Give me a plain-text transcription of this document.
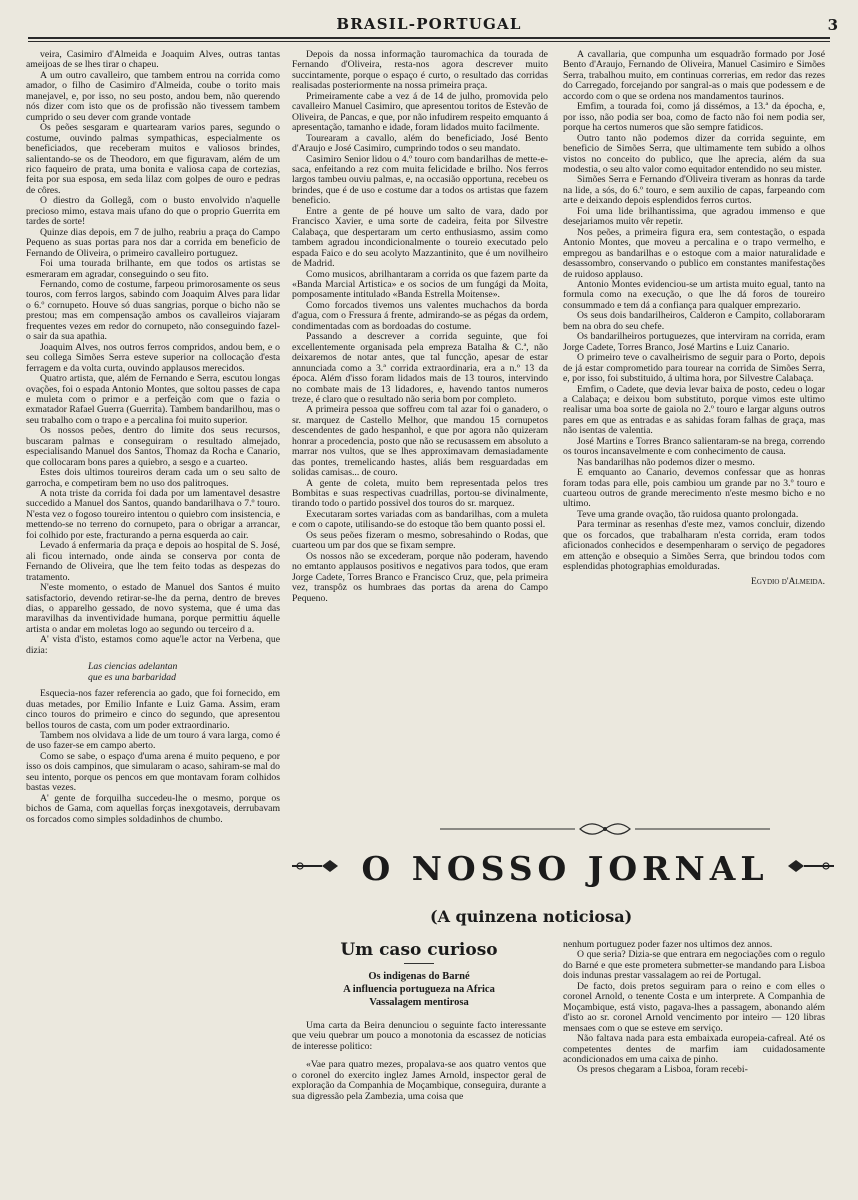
BRASIL-PORTUGAL	3

veira, Casimiro d'Almeida e Joaquim Alves, outras tantas ameijoas de se lhes tirar o chapeu.

A um outro cavalleiro, que tambem entrou na corrida como amador, o filho de Casimiro d'Almeida, coube o torito mais manejavel, e, por isso, no seu posto, andou bem, não querendo nós dizer com isto que os de profissão não tivessem tambem cumprido o seu dever com grande vontade

Os peões sesgaram e quartearam varios pares, segundo o costume, ouvindo palmas sympathicas, especialmente os beneficiados, que receberam muitos e valiosos brindes, salientando-se os de Theodoro, em que figuravam, além de um rico faqueiro de prata, uma bonita e valiosa capa de cortezias, feita por sua esposa, em seda lilaz com golpes de ouro e pedras de côres.

O diestro da Gollegã, com o busto envolvido n'aquelle precioso mimo, estava mais ufano do que o proprio Guerrita em tardes de sorte!

Quinze dias depois, em 7 de julho, reabriu a praça do Campo Pequeno as suas portas para nos dar a corrida em beneficio de Fernando de Oliveira, o primeiro cavalleiro portuguez.

Foi uma tourada brilhante, em que todos os artistas se esmeraram em agradar, conseguindo o seu fito.

Fernando, como de costume, farpeou primorosamente os seus touros, com ferros largos, sabindo com Joaquim Alves para lidar o 6.º cornupeto. Houve só duas sangrias, porque o bicho não se prestou; mas em compensação ambos os cavalleiros viajaram frequentes vezes em redor do cornupeto, não conseguindo fazel-o sair da sua apathia.

Joaquim Alves, nos outros ferros compridos, andou bem, e o seu collega Simões Serra esteve superior na collocação d'esta ferragem e da volta curta, ouvindo applausos merecidos.

Quatro artista, que, além de Fernando e Serra, escutou longas ovações, foi o espada Antonio Montes, que soltou passes de capa e muleta com o primor e a perfeição com que o fazia o exmatador Rafael Guerra (Guerrita). Tambem bandarilhou, mas o seu trabalho com o trapo e a percalina foi muito superior.

Os nossos peões, dentro do limite dos seus recursos, buscaram palmas e conseguiram o resultado almejado, especialisando Manuel dos Santos, Thomaz da Rocha e Canario, que collocaram bons pares a quiebro, a sesgo e a cuarteo.

Estes dois ultimos toureiros deram cada um o seu salto de garrocha, e competiram bem no uso dos palitroques.

A nota triste da corrida foi dada por um lamentavel desastre succedido a Manuel dos Santos, quando bandarilhava o 7.º touro. N'esta vez o fogoso toureiro intentou o quiebro com insistencia, e mettendo-se no terreno do cornupeto, para o obrigar a arrancar, foi colhido por este, fracturando a perna esquerda ao cair.

Levado á enfermaria da praça e depois ao hospital de S. José, ali ficou internado, onde ainda se conserva por conta de Fernando de Oliveira, que lhe tem feito todas as despezas do tratamento.

N'este momento, o estado de Manuel dos Santos é muito satisfactorio, devendo retirar-se-lhe da perna, dentro de breves dias, o apparelho gessado, de novo systema, que é uma das maravilhas da inventividade humana, porque permittiu áquelle artista o andar em moletas logo ao segundo ou terceiro d a.

A' vista d'isto, estamos como aque'le actor na Verbena, que dizia:

Las ciencias adelantan
que es una barbaridad

Esquecia-nos fazer referencia ao gado, que foi fornecido, em duas metades, por Emilio Infante e Luiz Gama. Assim, eram cinco touros do primeiro e cinco do segundo, que apresentou bellos touros de casta, com um poder extraordinario.

Tambem nos olvidava a lide de um touro á vara larga, como é de uso fazer-se em campo aberto.

Como se sabe, o espaço d'uma arena é muito pequeno, e por isso os dois campinos, que simularam o acaso, sahiram-se mal do seu intento, porque os pencos em que montavam foram colhidos bastas vezes.

A' gente de forquilha succedeu-lhe o mesmo, porque os bichos de Gama, com aquellas forças inexgotaveis, derrubavam os forcados como simples soldadinhos de chumbo.

Depois da nossa informação tauromachica da tourada de Fernando d'Oliveira, resta-nos agora descrever muito succintamente, porque o espaço é curto, o resultado das corridas realisadas posteriormente na nossa primeira praça.

Primeiramente cabe a vez á de 14 de julho, promovida pelo cavalleiro Manuel Casimiro, que apresentou toritos de Estevão de Oliveira, de Pancas, e que, por não infudirem respeito emquanto á apresentação, tamanho e idade, foram lidados muito facilmente.

Tourearam a cavallo, além do beneficiado, José Bento d'Araujo e José Casimiro, cumprindo todos o seu mandato.

Casimiro Senior lidou o 4.º touro com bandarilhas de mette-e-saca, enfeitando a rez com muita felicidade e brilho. Nos ferros largos tambeu ouviu palmas, e, na occasião opportuna, recebeu os brindes, que é de uso e costume dar a todos os artistas que fazem beneficio.

Entre a gente de pé houve um salto de vara, dado por Francisco Xavier, e uma sorte de cadeira, feita por Silvestre Calabaça, que despertaram um certo enthusiasmo, assim como tambem agradou incondicionalmente o toureio executado pelo espada Faico e do seu acolyto Mazzantinito, que é um novilheiro de Madrid.

Como musicos, abrilhantaram a corrida os que fazem parte da «Banda Marcial Artistica» e os socios de um fungági da Moita, pomposamente intitulado «Banda Estrella Moitense».

Como forcados tivemos uns valentes muchachos da borda d'agua, com o Fressura á frente, admirando-se as pégas da ordem, condimentadas com as bordoadas do costume.

Passando a descrever a corrida seguinte, que foi excellentemente organisada pela empreza Batalha & C.ª, não deixaremos de notar antes, que tal funcção, apesar de estar annunciada como a 3.ª corrida extraordinaria, era a n.º 13 da época. Além d'isso foram lidados mais de 13 touros, intervindo no combate mais de 13 lidadores, e, havendo tantos numeros treze, é claro que o resultado não seria bom por completo.

A primeira pessoa que soffreu com tal azar foi o ganadero, o sr. marquez de Castello Melhor, que mandou 15 cornupetos descendentes de gado hespanhol, e que por agora não quizeram honrar a procedencia, posto que não se recusassem em absoluto a marrar nos vultos, que se lhes approximavam demasiadamente das pontes, tremelicando hastes, aliás bem resguardadas em solidas camisas... de couro.

A gente de coleta, muito bem representada pelos tres Bombitas e suas respectivas cuadrillas, portou-se divinalmente, tirando todo o partido possivel dos touros do sr. marquez.

Executaram sortes variadas com as bandarilhas, com a muleta e com o capote, utilisando-se do estoque tão bem quanto possi el.

Os seus peões fizeram o mesmo, sobresahindo o Rodas, que cuarteou um par dos que se fixam sempre.

Os nossos não se excederam, porque não poderam, havendo no emtanto applausos positivos e negativos para todos, que eram Jorge Cadete, Torres Branco e Francisco Cruz, que, pela primeira vez, transpôz os humbraes das portas da arena do Campo Pequeno.

A cavallaria, que compunha um esquadrão formado por José Bento d'Araujo, Fernando de Oliveira, Manuel Casimiro e Simões Serra, trabalhou muito, em continuas correrias, em redor das rezes do Carregado, forcejando por sangral-as o mais que podessem e de accordo com o que se ordena nos mandamentos taurinos.

Emfim, a tourada foi, como já dissémos, a 13.ª da épocha, e, por isso, não podia ser boa, como de facto não foi nem podia ser, porque ha certos numeros que são sempre fatidicos.

Outro tanto não podemos dizer da corrida seguinte, em beneficio de Simões Serra, que ultimamente tem subido a olhos vistos no conceito do publico, que lhe aprecia, além da sua modestia, o seu alto valor como equitador entendido no seu mister.

Simões Serra e Fernando d'Oliveira tiveram as honras da tarde na lide, a sós, do 6.º touro, e sem auxilio de capas, farpeando com arte e deixando depois esplendidos ferros curtos.

Foi uma lide brilhantissima, que agradou immenso e que desejariamos muito vêr repetir.

Nos peões, a primeira figura era, sem contestação, o espada Antonio Montes, que moveu a percalina e o trapo vermelho, e empregou as bandarilhas e o estoque com a maior naturalidade e desassombro, conservando o publico em constantes manifestações de ruidoso applauso.

Antonio Montes evidenciou-se um artista muito egual, tanto na formula como na execução, o que lhe dá foros de toureiro consummado e tem dá a confiança para qualquer emprezario.

Os seus dois bandarilheiros, Calderon e Campito, collaboraram bem na obra do seu chefe.

Os bandarilheiros portuguezes, que interviram na corrida, eram Jorge Cadete, Torres Branco, José Martins e Luiz Canario.

O primeiro teve o cavalheirismo de seguir para o Porto, depois de já estar comprometido para tourear na corrida de Simões Serra, e, por isso, foi substituido, á ultima hora, por Silvestre Calabaça.

Emfim, o Cadete, que devia levar baixa de posto, cedeu o logar a Calabaça; e deixou bom substituto, porque vimos este ultimo realisar uma boa sorte de gaiola no 2.º touro e largar alguns outros pares em que as entradas e as sahidas foram falhas de graça, mas não isentas de valentia.

José Martins e Torres Branco salientaram-se na brega, correndo os touros incansavelmente e com conhecimento de causa.

Nas bandarilhas não podemos dizer o mesmo.

E emquanto ao Canario, devemos confessar que as honras foram todas para elle, pois cambiou um grande par no 3.º touro e cuarteou outros de grande merecimento n'este mesmo bicho e no ultimo.

Teve uma grande ovação, tão ruidosa quanto prolongada.

Para terminar as resenhas d'este mez, vamos concluir, dizendo que os forcados, que trabalharam n'esta corrida, eram todos aficionados conhecidos e desempenharam o serviço de pegadores em attenção e obsequio a Simões Serra, que brindou todos com esplendidas photographias emolduradas.

Egydio d'Almeida.
O NOSSO JORNAL
(A quinzena noticiosa)
Um caso curioso
Os indigenas do Barné
A influencia portugueza na Africa
Vassalagem mentirosa

Uma carta da Beira denunciou o seguinte facto interessante que veiu quebrar um pouco a monotonia da escassez de noticias de interesse politico:

«Vae para quatro mezes, propalava-se aos quatro ventos que o coronel do exercito inglez James Arnold, inspector geral de exploração da Companhia de Moçambique, conseguira, durante a sua digressão pela Zambezia, uma coisa que

nenhum portuguez poder fazer nos ultimos dez annos.

O que seria? Dizia-se que entrara em negociações com o regulo do Barné e que este prometera submetter-se mandando para Lisboa dois indunas prestar vassalagem ao rei de Portugal.

De facto, dois pretos seguiram para o reino e com elles o coronel Arnold, o tenente Costa e um interprete. A Companhia de Moçambique, está visto, pagava-lhes a passagem, abonando além d'isto ao sr. coronel Arnold vencimento por inteiro — 120 libras mensaes com o que se esteve em serviço.

Não faltava nada para esta embaixada europeia-cafreal. Até os competentes dentes de marfim iam cuidadosamente acondicionados em uma caixa de pinho.

Os presos chegaram a Lisboa, foram recebi-
